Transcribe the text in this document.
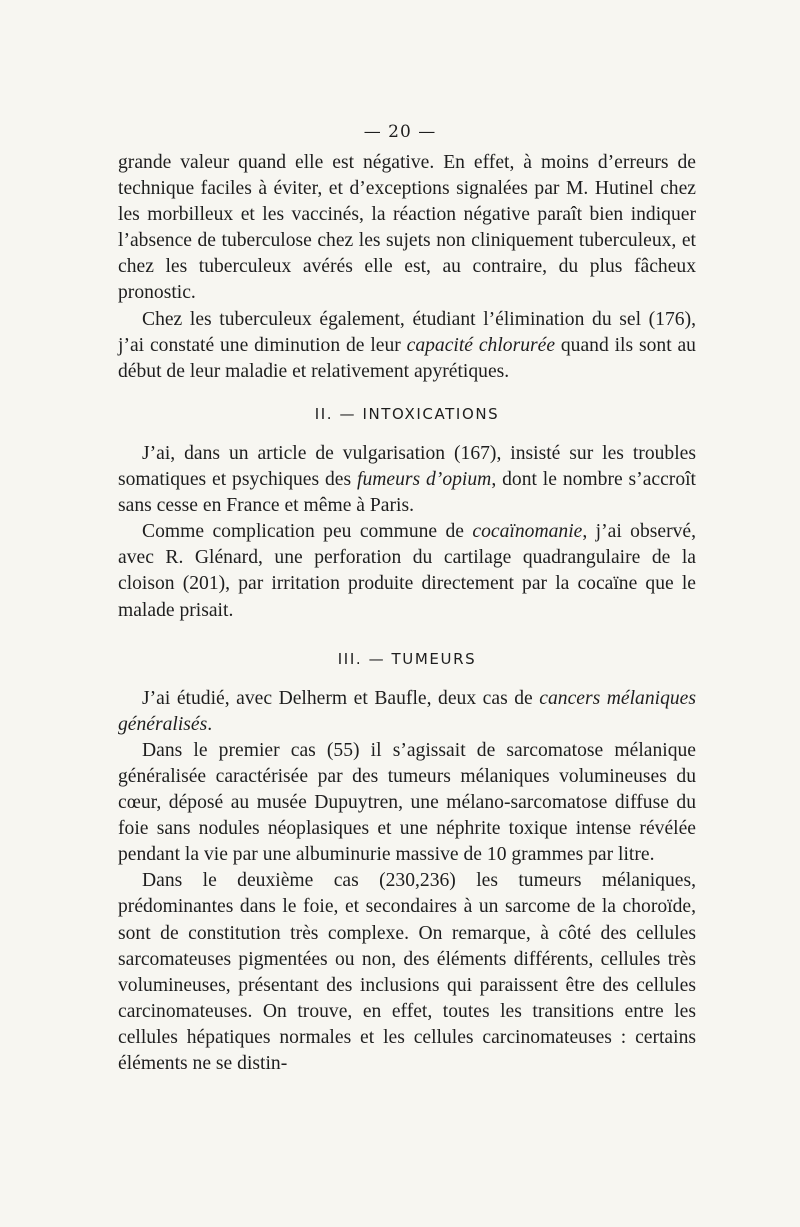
— 20 —

grande valeur quand elle est négative. En effet, à moins d’erreurs de technique faciles à éviter, et d’exceptions signalées par M. Hutinel chez les morbilleux et les vaccinés, la réaction négative paraît bien indiquer l’absence de tuberculose chez les sujets non cliniquement tuberculeux, et chez les tuberculeux avérés elle est, au contraire, du plus fâcheux pronostic.

Chez les tuberculeux également, étudiant l’élimination du sel (176), j’ai constaté une diminution de leur capacité chlorurée quand ils sont au début de leur maladie et relativement apyrétiques.

II. — INTOXICATIONS

J’ai, dans un article de vulgarisation (167), insisté sur les troubles somatiques et psychiques des fumeurs d’opium, dont le nombre s’accroît sans cesse en France et même à Paris.

Comme complication peu commune de cocaïnomanie, j’ai observé, avec R. Glénard, une perforation du cartilage quadrangulaire de la cloison (201), par irritation produite directement par la cocaïne que le malade prisait.

III. — TUMEURS

J’ai étudié, avec Delherm et Baufle, deux cas de cancers mélaniques généralisés.

Dans le premier cas (55) il s’agissait de sarcomatose mélanique généralisée caractérisée par des tumeurs mélaniques volumineuses du cœur, déposé au musée Dupuytren, une mélano-sarcomatose diffuse du foie sans nodules néoplasiques et une néphrite toxique intense révélée pendant la vie par une albuminurie massive de 10 grammes par litre.

Dans le deuxième cas (230,236) les tumeurs mélaniques, prédominantes dans le foie, et secondaires à un sarcome de la choroïde, sont de constitution très complexe. On remarque, à côté des cellules sarcomateuses pigmentées ou non, des éléments différents, cellules très volumineuses, présentant des inclusions qui paraissent être des cellules carcinomateuses. On trouve, en effet, toutes les transitions entre les cellules hépatiques normales et les cellules carcinomateuses : certains éléments ne se distin-
